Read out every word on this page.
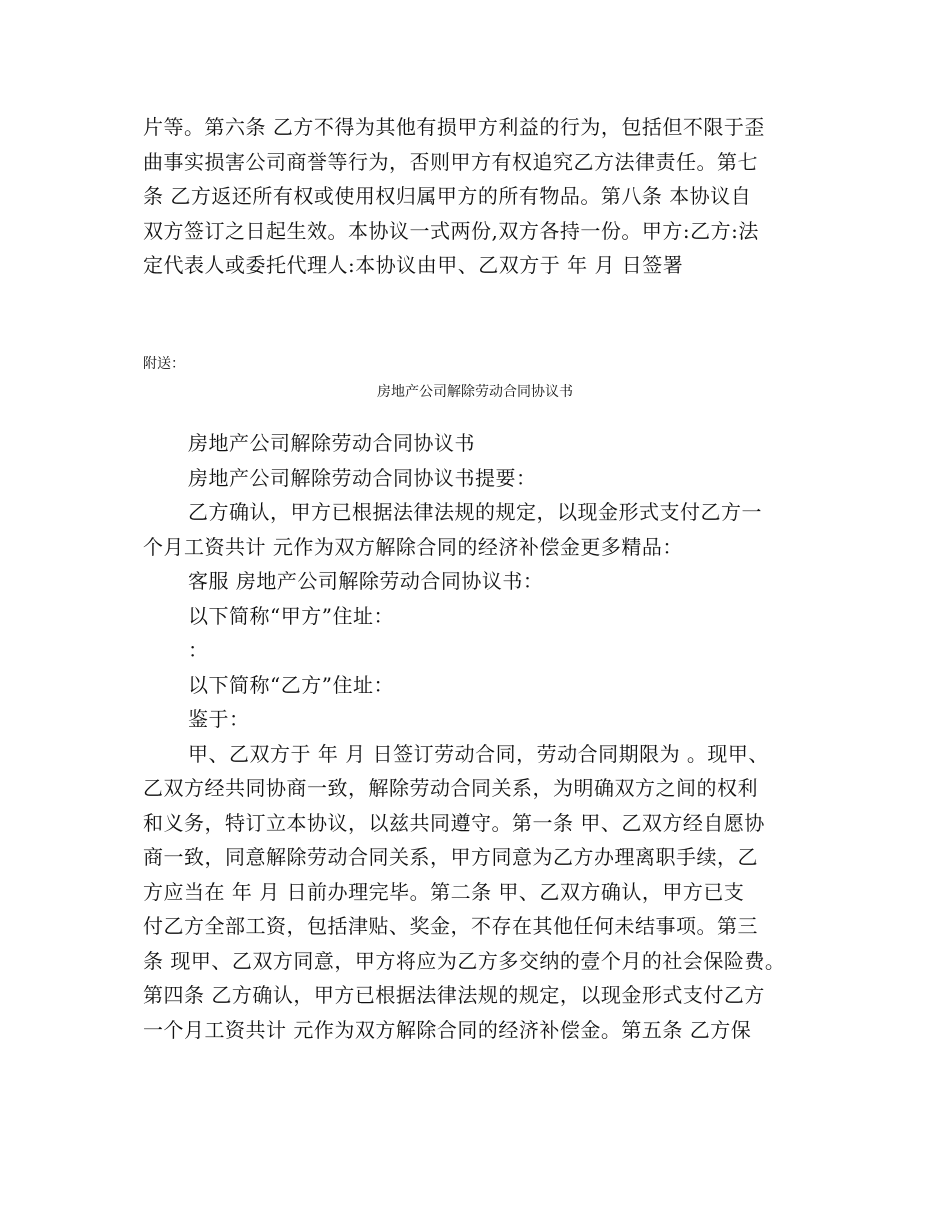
片等。第六条 乙方不得为其他有损甲方利益的行为，包括但不限于歪
曲事实损害公司商誉等行为，否则甲方有权追究乙方法律责任。第七
条 乙方返还所有权或使用权归属甲方的所有物品。第八条 本协议自
双方签订之日起生效。本协议一式两份,双方各持一份。甲方:乙方:法
定代表人或委托代理人:本协议由甲、乙双方于 年 月 日签署
附送：
房地产公司解除劳动合同协议书
房地产公司解除劳动合同协议书
房地产公司解除劳动合同协议书提要：
乙方确认，甲方已根据法律法规的规定，以现金形式支付乙方一
个月工资共计 元作为双方解除合同的经济补偿金更多精品：
客服 房地产公司解除劳动合同协议书：
以下简称“甲方”住址：
：
以下简称“乙方”住址：
鉴于：
甲、乙双方于 年 月 日签订劳动合同，劳动合同期限为 。现甲、
乙双方经共同协商一致，解除劳动合同关系，为明确双方之间的权利
和义务，特订立本协议，以兹共同遵守。第一条 甲、乙双方经自愿协
商一致，同意解除劳动合同关系，甲方同意为乙方办理离职手续，乙
方应当在 年 月 日前办理完毕。第二条 甲、乙双方确认，甲方已支
付乙方全部工资，包括津贴、奖金，不存在其他任何未结事项。第三
条 现甲、乙双方同意，甲方将应为乙方多交纳的壹个月的社会保险费。
第四条 乙方确认，甲方已根据法律法规的规定，以现金形式支付乙方
一个月工资共计 元作为双方解除合同的经济补偿金。第五条 乙方保
